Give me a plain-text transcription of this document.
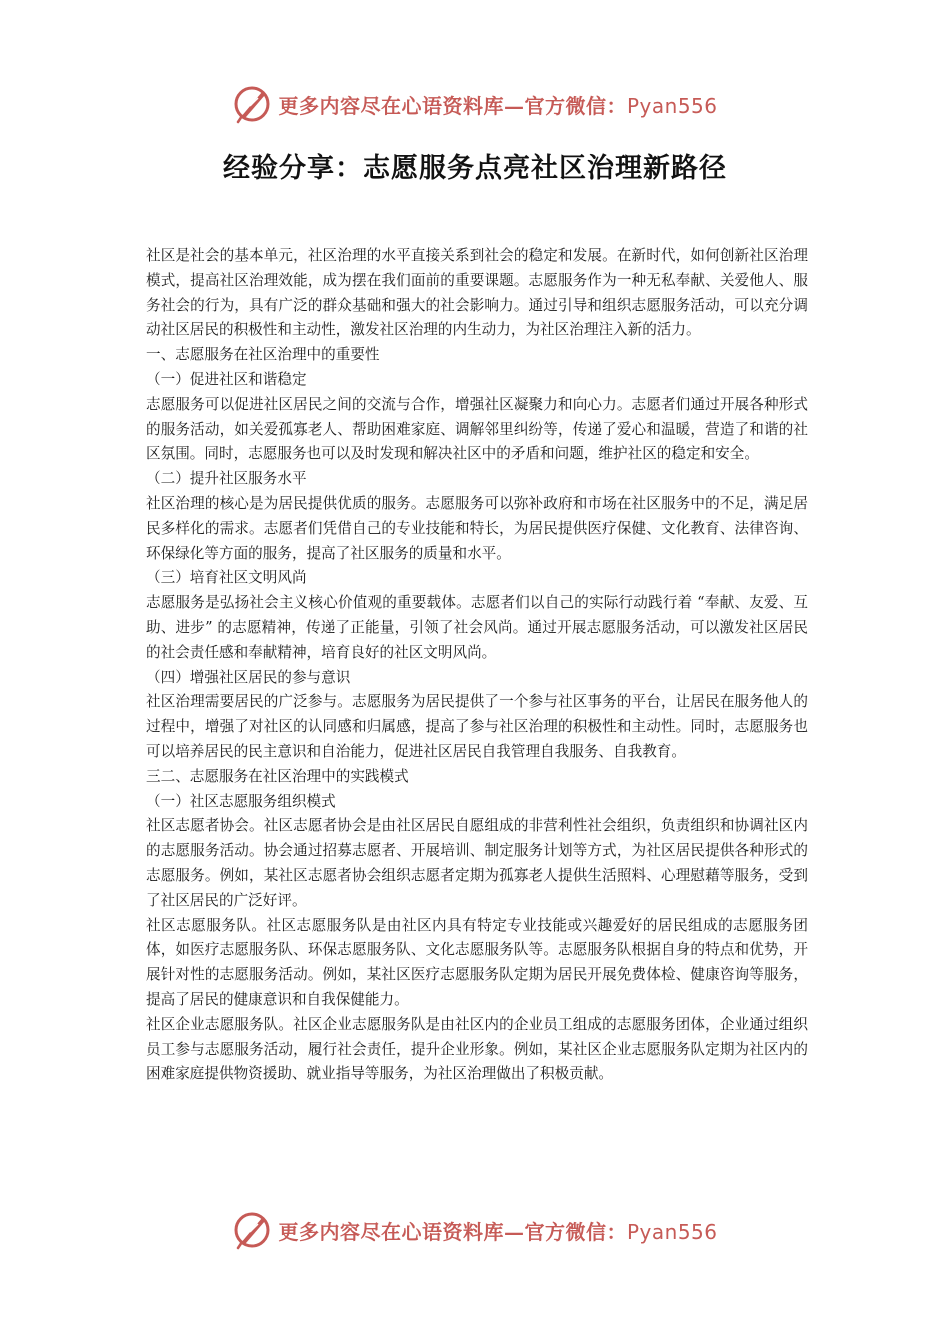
更多内容尽在心语资料库—官方微信：Pyan556
经验分享：志愿服务点亮社区治理新路径

社区是社会的基本单元，社区治理的水平直接关系到社会的稳定和发展。在新时代，如何创新社区治理模式，提高社区治理效能，成为摆在我们面前的重要课题。志愿服务作为一种无私奉献、关爱他人、服务社会的行为，具有广泛的群众基础和强大的社会影响力。通过引导和组织志愿服务活动，可以充分调动社区居民的积极性和主动性，激发社区治理的内生动力，为社区治理注入新的活力。

一、志愿服务在社区治理中的重要性

（一）促进社区和谐稳定

志愿服务可以促进社区居民之间的交流与合作，增强社区凝聚力和向心力。志愿者们通过开展各种形式的服务活动，如关爱孤寡老人、帮助困难家庭、调解邻里纠纷等，传递了爱心和温暖，营造了和谐的社区氛围。同时，志愿服务也可以及时发现和解决社区中的矛盾和问题，维护社区的稳定和安全。

（二）提升社区服务水平

社区治理的核心是为居民提供优质的服务。志愿服务可以弥补政府和市场在社区服务中的不足，满足居民多样化的需求。志愿者们凭借自己的专业技能和特长，为居民提供医疗保健、文化教育、法律咨询、环保绿化等方面的服务，提高了社区服务的质量和水平。

（三）培育社区文明风尚

志愿服务是弘扬社会主义核心价值观的重要载体。志愿者们以自己的实际行动践行着 “奉献、友爱、互助、进步” 的志愿精神，传递了正能量，引领了社会风尚。通过开展志愿服务活动，可以激发社区居民的社会责任感和奉献精神，培育良好的社区文明风尚。

（四）增强社区居民的参与意识

社区治理需要居民的广泛参与。志愿服务为居民提供了一个参与社区事务的平台，让居民在服务他人的过程中，增强了对社区的认同感和归属感，提高了参与社区治理的积极性和主动性。同时，志愿服务也可以培养居民的民主意识和自治能力，促进社区居民自我管理自我服务、自我教育。

三二、志愿服务在社区治理中的实践模式

（一）社区志愿服务组织模式

社区志愿者协会。社区志愿者协会是由社区居民自愿组成的非营利性社会组织，负责组织和协调社区内的志愿服务活动。协会通过招募志愿者、开展培训、制定服务计划等方式，为社区居民提供各种形式的志愿服务。例如，某社区志愿者协会组织志愿者定期为孤寡老人提供生活照料、心理慰藉等服务，受到了社区居民的广泛好评。

社区志愿服务队。社区志愿服务队是由社区内具有特定专业技能或兴趣爱好的居民组成的志愿服务团体，如医疗志愿服务队、环保志愿服务队、文化志愿服务队等。志愿服务队根据自身的特点和优势，开展针对性的志愿服务活动。例如，某社区医疗志愿服务队定期为居民开展免费体检、健康咨询等服务，提高了居民的健康意识和自我保健能力。

社区企业志愿服务队。社区企业志愿服务队是由社区内的企业员工组成的志愿服务团体，企业通过组织员工参与志愿服务活动，履行社会责任，提升企业形象。例如，某社区企业志愿服务队定期为社区内的困难家庭提供物资援助、就业指导等服务，为社区治理做出了积极贡献。

更多内容尽在心语资料库—官方微信：Pyan556
